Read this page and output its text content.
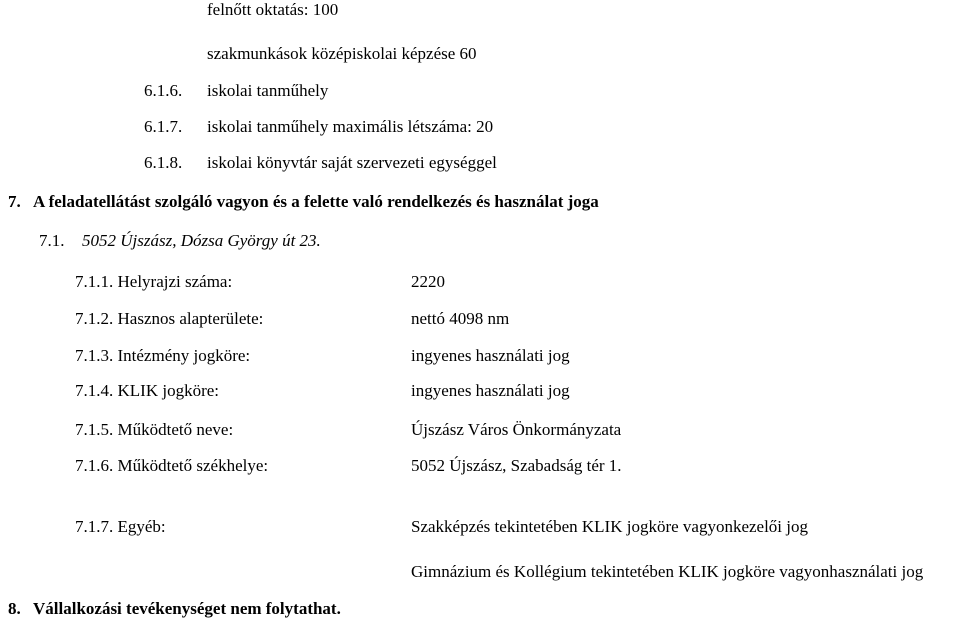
felnőtt oktatás: 100
szakmunkások középiskolai képzése 60
6.1.6. iskolai tanműhely
6.1.7. iskolai tanműhely maximális létszáma: 20
6.1.8. iskolai könyvtár saját szervezeti egységgel
7. A feladatellátást szolgáló vagyon és a felette való rendelkezés és használat joga
7.1. 5052 Újszász, Dózsa György út 23.
7.1.1. Helyrajzi száma:	2220
7.1.2. Hasznos alapterülete:	nettó 4098 nm
7.1.3. Intézmény jogköre:	ingyenes használati jog
7.1.4. KLIK jogköre:	ingyenes használati jog
7.1.5. Működtető neve:	Újszász Város Önkormányzata
7.1.6. Működtető székhelye:	5052 Újszász, Szabadság tér 1.
7.1.7. Egyéb:	Szakképzés tekintetében KLIK jogköre vagyonkezelői jog
Gimnázium és Kollégium tekintetében KLIK jogköre vagyonhasználati jog
8. Vállalkozási tevékenységet nem folytathat.
